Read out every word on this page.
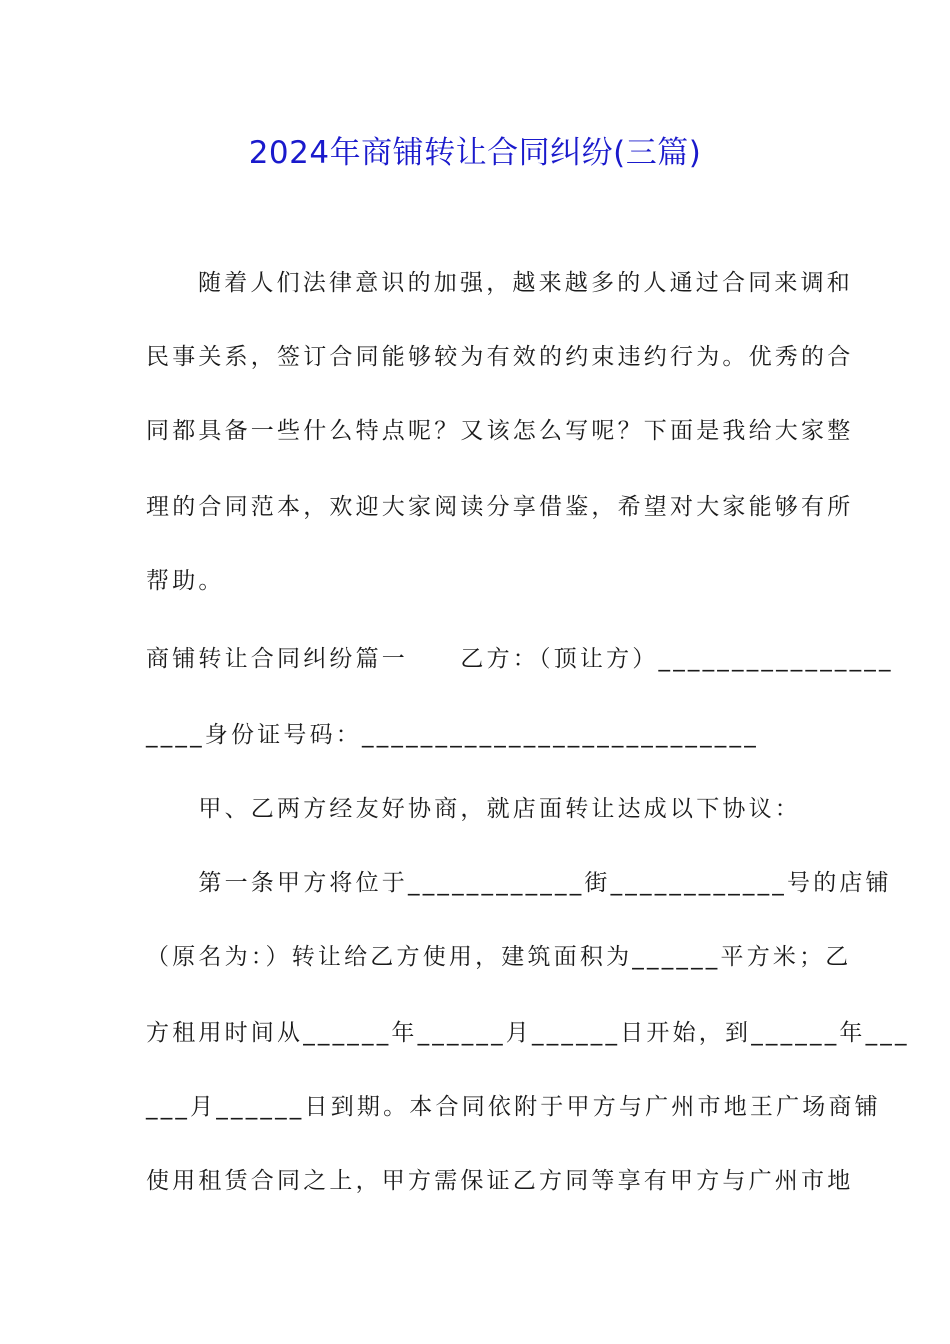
2024年商铺转让合同纠纷(三篇)
随着人们法律意识的加强，越来越多的人通过合同来调和
民事关系，签订合同能够较为有效的约束违约行为。优秀的合
同都具备一些什么特点呢？又该怎么写呢？下面是我给大家整
理的合同范本，欢迎大家阅读分享借鉴，希望对大家能够有所
帮助。
商铺转让合同纠纷篇一　　乙方：（顶让方）________________
____身份证号码：___________________________
　　甲、乙两方经友好协商，就店面转让达成以下协议：
　　第一条甲方将位于____________街____________号的店铺
（原名为：）转让给乙方使用，建筑面积为______平方米；乙
方租用时间从______年______月______日开始，到______年___
___月______日到期。本合同依附于甲方与广州市地王广场商铺
使用租赁合同之上，甲方需保证乙方同等享有甲方与广州市地
